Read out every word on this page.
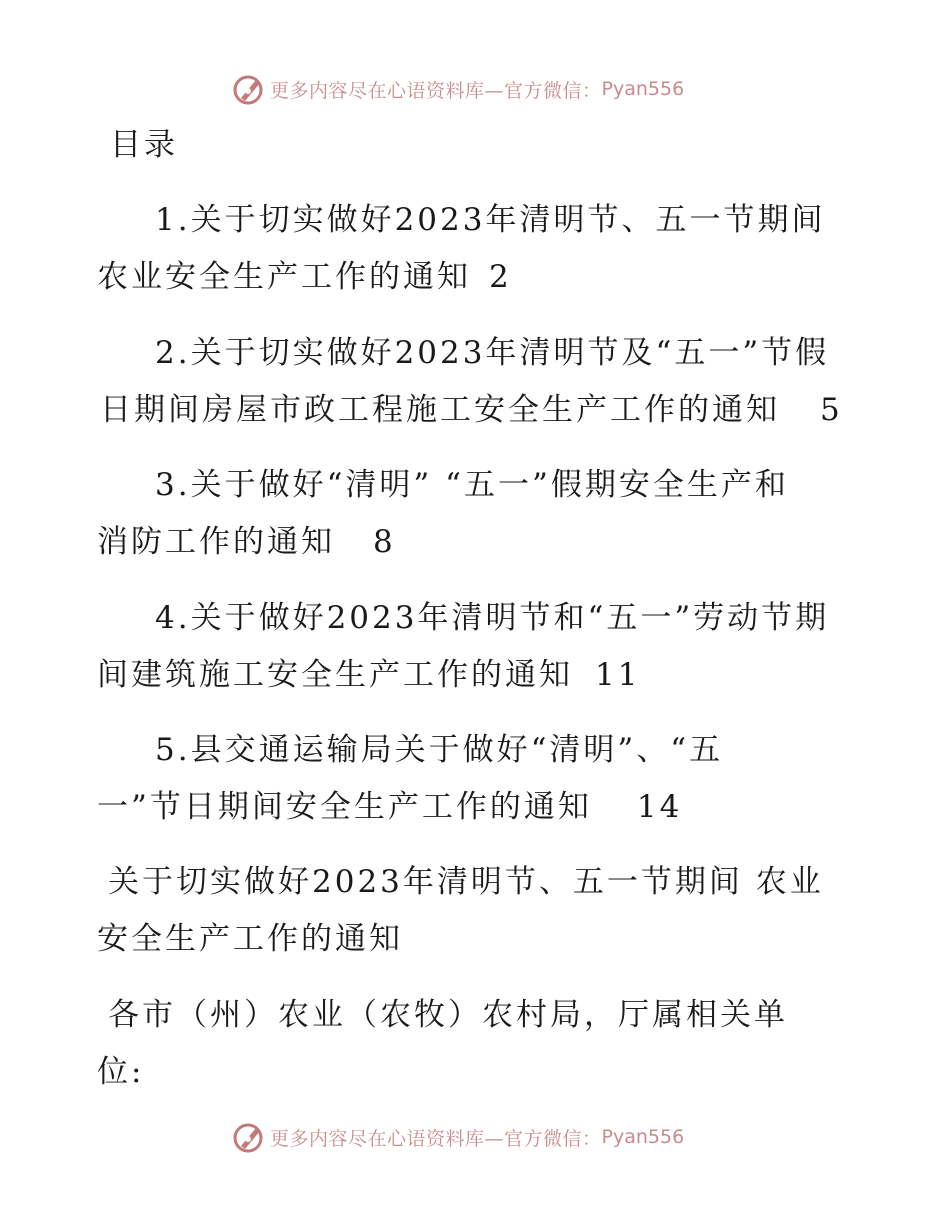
更多内容尽在心语资料库—官方微信： Pyan556
目录
1.关于切实做好2023年清明节、五一节期间
农业安全生产工作的通知 2
2.关于切实做好2023年清明节及“五一”节假
日期间房屋市政工程施工安全生产工作的通知 5
3.关于做好“清明” “五一”假期安全生产和
消防工作的通知 8
4.关于做好2023年清明节和“五一”劳动节期
间建筑施工安全生产工作的通知 11
5.县交通运输局关于做好“清明”、“五
一”节日期间安全生产工作的通知 14
关于切实做好2023年清明节、五一节期间 农业
安全生产工作的通知
各市（州）农业（农牧）农村局，厅属相关单
位:
更多内容尽在心语资料库—官方微信： Pyan556
